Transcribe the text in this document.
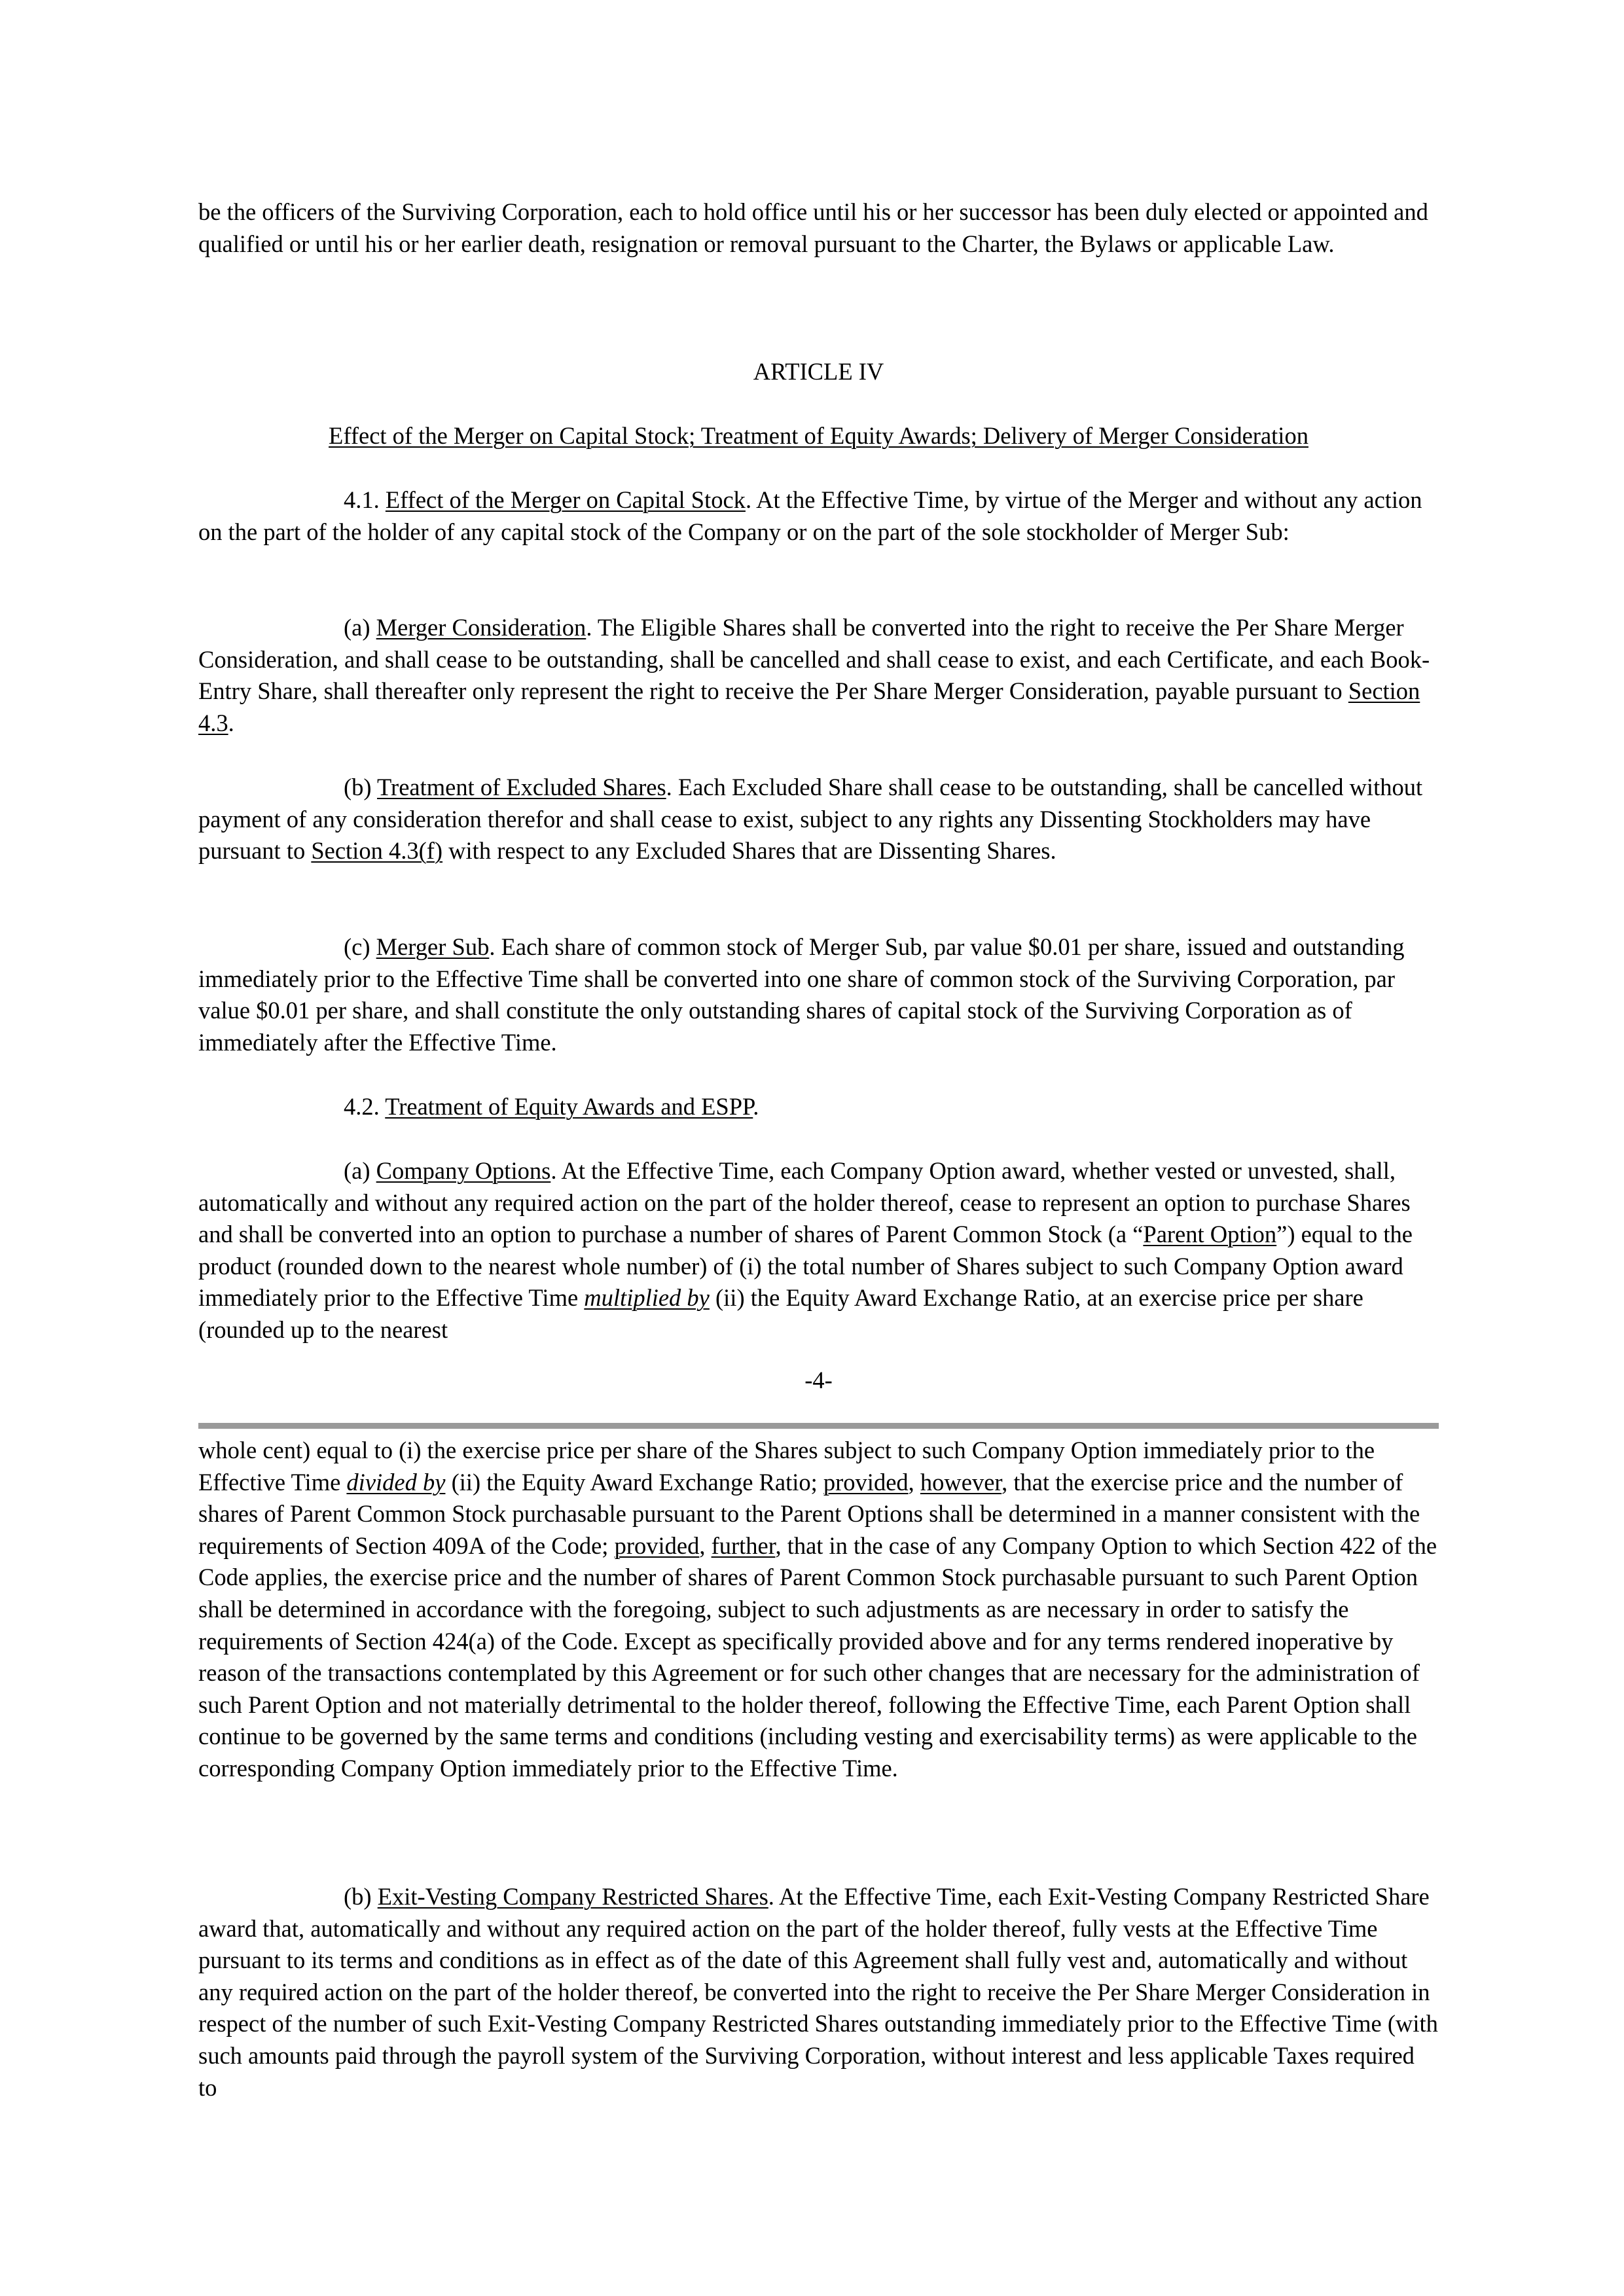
be the officers of the Surviving Corporation, each to hold office until his or her successor has been duly elected or appointed and qualified or until his or her earlier death, resignation or removal pursuant to the Charter, the Bylaws or applicable Law.

ARTICLE IV

Effect of the Merger on Capital Stock; Treatment of Equity Awards; Delivery of Merger Consideration

4.1. Effect of the Merger on Capital Stock. At the Effective Time, by virtue of the Merger and without any action on the part of the holder of any capital stock of the Company or on the part of the sole stockholder of Merger Sub:

(a) Merger Consideration. The Eligible Shares shall be converted into the right to receive the Per Share Merger Consideration, and shall cease to be outstanding, shall be cancelled and shall cease to exist, and each Certificate, and each Book-Entry Share, shall thereafter only represent the right to receive the Per Share Merger Consideration, payable pursuant to Section 4.3.

(b) Treatment of Excluded Shares. Each Excluded Share shall cease to be outstanding, shall be cancelled without payment of any consideration therefor and shall cease to exist, subject to any rights any Dissenting Stockholders may have pursuant to Section 4.3(f) with respect to any Excluded Shares that are Dissenting Shares.

(c) Merger Sub. Each share of common stock of Merger Sub, par value $0.01 per share, issued and outstanding immediately prior to the Effective Time shall be converted into one share of common stock of the Surviving Corporation, par value $0.01 per share, and shall constitute the only outstanding shares of capital stock of the Surviving Corporation as of immediately after the Effective Time.

4.2. Treatment of Equity Awards and ESPP.

(a) Company Options. At the Effective Time, each Company Option award, whether vested or unvested, shall, automatically and without any required action on the part of the holder thereof, cease to represent an option to purchase Shares and shall be converted into an option to purchase a number of shares of Parent Common Stock (a “Parent Option”) equal to the product (rounded down to the nearest whole number) of (i) the total number of Shares subject to such Company Option award immediately prior to the Effective Time multiplied by (ii) the Equity Award Exchange Ratio, at an exercise price per share (rounded up to the nearest

-4-

whole cent) equal to (i) the exercise price per share of the Shares subject to such Company Option immediately prior to the Effective Time divided by (ii) the Equity Award Exchange Ratio; provided, however, that the exercise price and the number of shares of Parent Common Stock purchasable pursuant to the Parent Options shall be determined in a manner consistent with the requirements of Section 409A of the Code; provided, further, that in the case of any Company Option to which Section 422 of the Code applies, the exercise price and the number of shares of Parent Common Stock purchasable pursuant to such Parent Option shall be determined in accordance with the foregoing, subject to such adjustments as are necessary in order to satisfy the requirements of Section 424(a) of the Code. Except as specifically provided above and for any terms rendered inoperative by reason of the transactions contemplated by this Agreement or for such other changes that are necessary for the administration of such Parent Option and not materially detrimental to the holder thereof, following the Effective Time, each Parent Option shall continue to be governed by the same terms and conditions (including vesting and exercisability terms) as were applicable to the corresponding Company Option immediately prior to the Effective Time.

(b) Exit-Vesting Company Restricted Shares. At the Effective Time, each Exit-Vesting Company Restricted Share award that, automatically and without any required action on the part of the holder thereof, fully vests at the Effective Time pursuant to its terms and conditions as in effect as of the date of this Agreement shall fully vest and, automatically and without any required action on the part of the holder thereof, be converted into the right to receive the Per Share Merger Consideration in respect of the number of such Exit-Vesting Company Restricted Shares outstanding immediately prior to the Effective Time (with such amounts paid through the payroll system of the Surviving Corporation, without interest and less applicable Taxes required to
